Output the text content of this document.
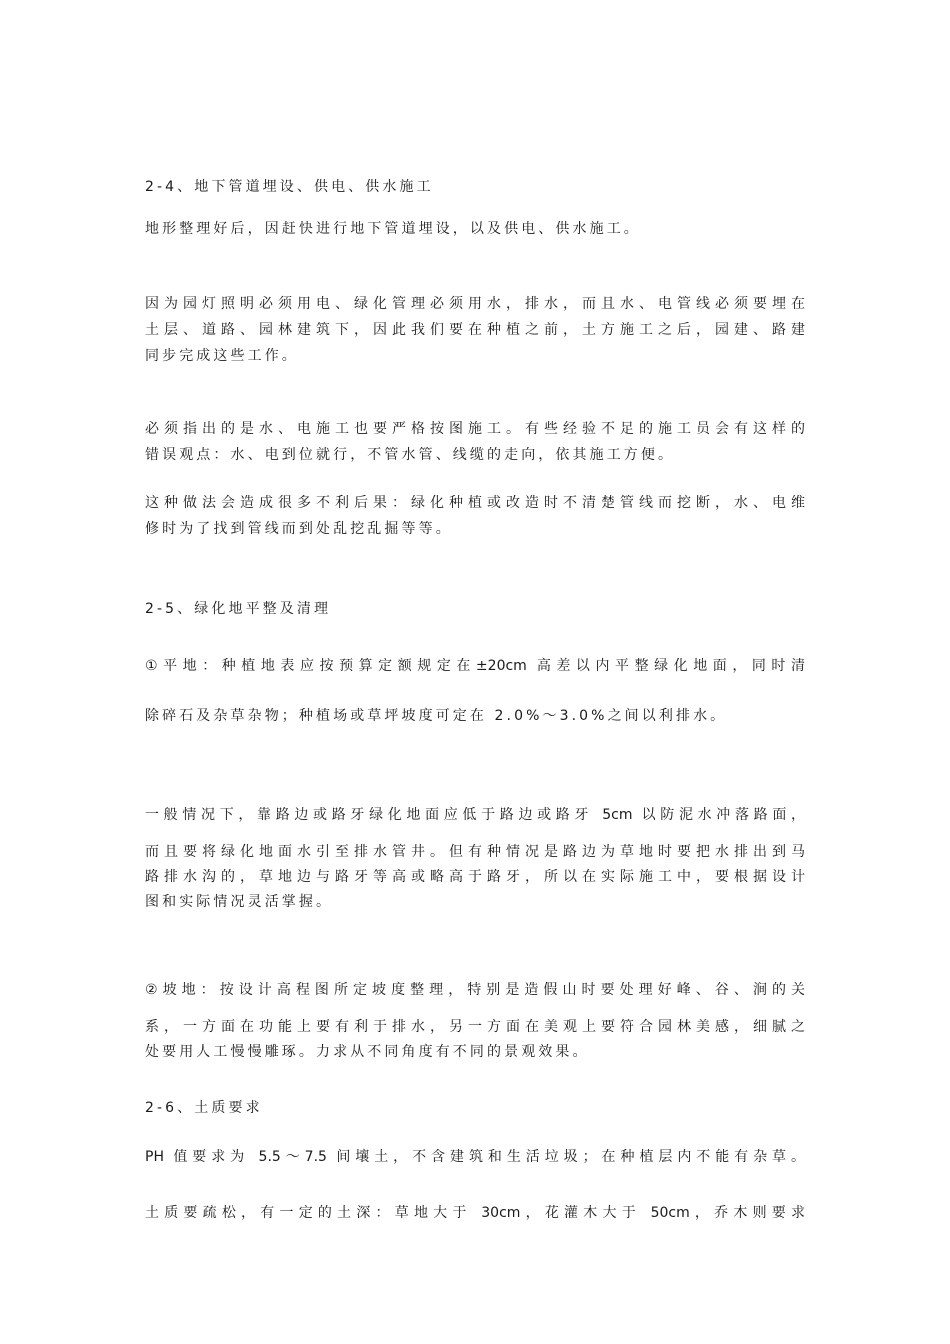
2-4、地下管道埋设、供电、供水施工
地形整理好后，因赶快进行地下管道埋设，以及供电、供水施工。
因为园灯照明必须用电、绿化管理必须用水，排水，而且水、电管线必须要埋在
土层、道路、园林建筑下，因此我们要在种植之前，土方施工之后，园建、路建
同步完成这些工作。
必须指出的是水、电施工也要严格按图施工。有些经验不足的施工员会有这样的
错误观点：水、电到位就行，不管水管、线缆的走向，依其施工方便。
这种做法会造成很多不利后果：绿化种植或改造时不清楚管线而挖断，水、电维
修时为了找到管线而到处乱挖乱掘等等。
2-5、绿化地平整及清理
①平地：种植地表应按预算定额规定在±20cm 高差以内平整绿化地面，同时清
除碎石及杂草杂物；种植场或草坪坡度可定在 2.0%～3.0%之间以利排水。
一般情况下，靠路边或路牙绿化地面应低于路边或路牙 5cm 以防泥水冲落路面，
而且要将绿化地面水引至排水管井。但有种情况是路边为草地时要把水排出到马
路排水沟的，草地边与路牙等高或略高于路牙，所以在实际施工中，要根据设计
图和实际情况灵活掌握。
②坡地：按设计高程图所定坡度整理，特别是造假山时要处理好峰、谷、涧的关
系，一方面在功能上要有利于排水，另一方面在美观上要符合园林美感，细腻之
处要用人工慢慢雕琢。力求从不同角度有不同的景观效果。
2-6、土质要求
PH 值要求为 5.5～7.5 间壤土，不含建筑和生活垃圾；在种植层内不能有杂草。
土质要疏松，有一定的土深：草地大于 30cm，花灌木大于 50cm，乔木则要求
